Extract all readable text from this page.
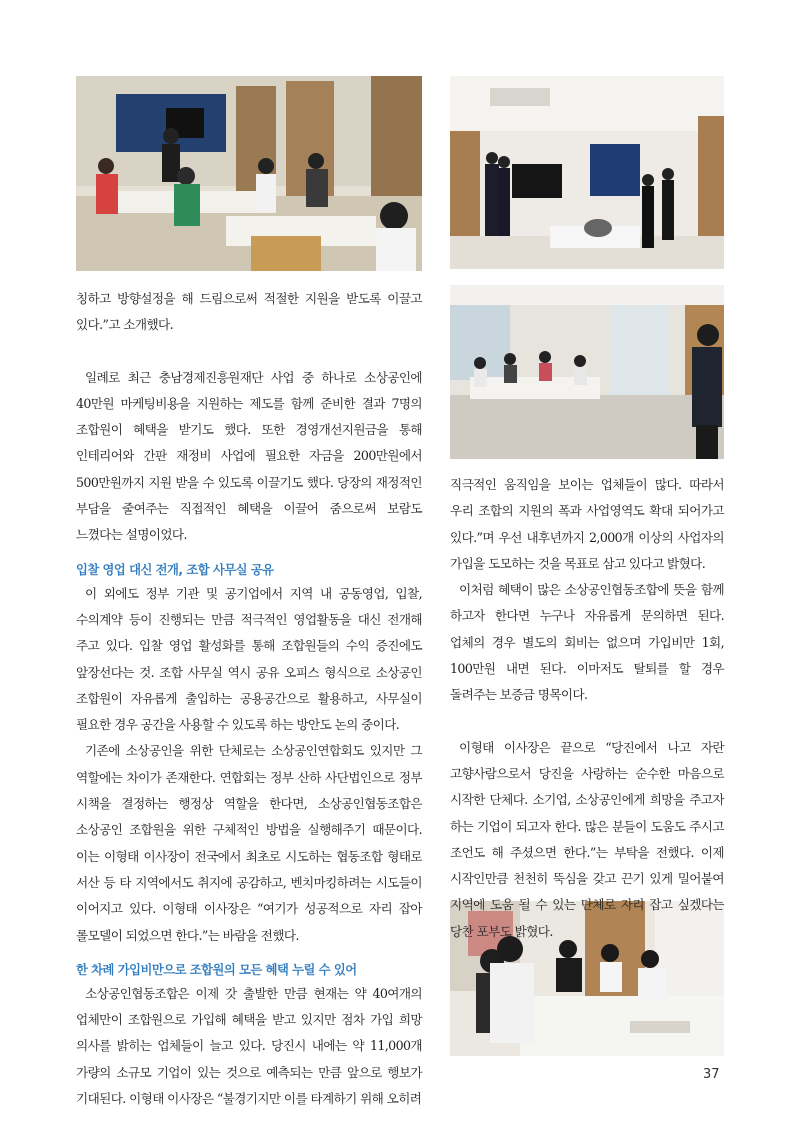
칭하고 방향설정을 해 드림으로써 적절한 지원을 받도록 이끌고 있다.”고 소개했다.

일례로 최근 충남경제진흥원재단 사업 중 하나로 소상공인에 40만원 마케팅비용을 지원하는 제도를 함께 준비한 결과 7명의 조합원이 혜택을 받기도 했다. 또한 경영개선지원금을 통해 인테리어와 간판 재정비 사업에 필요한 자금을 200만원에서 500만원까지 지원 받을 수 있도록 이끌기도 했다. 당장의 재정적인 부담을 줄여주는 직접적인 혜택을 이끌어 줌으로써 보람도 느꼈다는 설명이었다.

입찰 영업 대신 전개, 조합 사무실 공유

이 외에도 정부 기관 및 공기업에서 지역 내 공동영업, 입찰, 수의계약 등이 진행되는 만큼 적극적인 영업활동을 대신 전개해 주고 있다. 입찰 영업 활성화를 통해 조합원들의 수익 증진에도 앞장선다는 것. 조합 사무실 역시 공유 오피스 형식으로 소상공인 조합원이 자유롭게 출입하는 공용공간으로 활용하고, 사무실이 필요한 경우 공간을 사용할 수 있도록 하는 방안도 논의 중이다.

기존에 소상공인을 위한 단체로는 소상공인연합회도 있지만 그 역할에는 차이가 존재한다. 연합회는 정부 산하 사단법인으로 정부 시책을 결정하는 행정상 역할을 한다면, 소상공인협동조합은 소상공인 조합원을 위한 구체적인 방법을 실행해주기 때문이다. 이는 이형태 이사장이 전국에서 최초로 시도하는 협동조합 형태로 서산 등 타 지역에서도 취지에 공감하고, 벤치마킹하려는 시도들이 이어지고 있다. 이형태 이사장은 “여기가 성공적으로 자리 잡아 롤모델이 되었으면 한다.”는 바람을 전했다.

한 차례 가입비만으로 조합원의 모든 혜택 누릴 수 있어

소상공인협동조합은 이제 갓 출발한 만큼 현재는 약 40여개의 업체만이 조합원으로 가입해 혜택을 받고 있지만 점차 가입 희망 의사를 밝히는 업체들이 늘고 있다. 당진시 내에는 약 11,000개 가량의 소규모 기업이 있는 것으로 예측되는 만큼 앞으로 행보가 기대된다. 이형태 이사장은 “불경기지만 이를 타계하기 위해 오히려

직극적인 움직임을 보이는 업체들이 많다. 따라서 우리 조합의 지원의 폭과 사업영역도 확대 되어가고 있다.”며 우선 내후년까지 2,000개 이상의 사업자의 가입을 도모하는 것을 목표로 삼고 있다고 밝혔다.

이처럼 혜택이 많은 소상공인협동조합에 뜻을 함께 하고자 한다면 누구나 자유롭게 문의하면 된다. 업체의 경우 별도의 회비는 없으며 가입비만 1회, 100만원 내면 된다. 이마저도 탈퇴를 할 경우 돌려주는 보증금 명목이다.

이형태 이사장은 끝으로 “당진에서 나고 자란 고향사람으로서 당진을 사랑하는 순수한 마음으로 시작한 단체다. 소기업, 소상공인에게 희망을 주고자 하는 기업이 되고자 한다. 많은 분들이 도움도 주시고 조언도 해 주셨으면 한다.”는 부탁을 전했다. 이제 시작인만큼 천천히 뚝심을 갖고 끈기 있게 밀어붙여 지역에 도움 될 수 있는 단체로 자리 잡고 싶겠다는 당찬 포부도 밝혔다.

37
